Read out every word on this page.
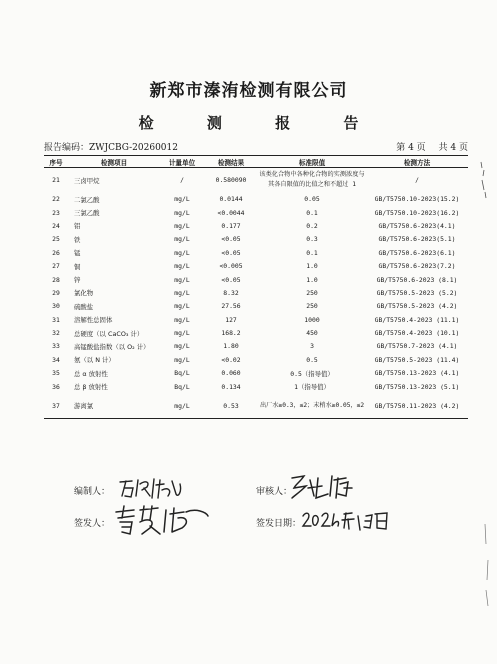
新郑市溱洧检测有限公司
检 测 报 告
报告编码：ZWJCBG-20260012	第 4 页 共 4 页
序号	检测项目	计量单位	检测结果	标准限值	检测方法
21	三卤甲烷	/	0.580090	该类化合物中各种化合物的实测浓度与其各自限值的比值之和不超过 1	/
22	二氯乙酸	mg/L	0.0144	0.05	GB/T5750.10-2023(15.2)
23	三氯乙酸	mg/L	<0.0044	0.1	GB/T5750.10-2023(16.2)
24	铝	mg/L	0.177	0.2	GB/T5750.6-2023(4.1)
25	铁	mg/L	<0.05	0.3	GB/T5750.6-2023(5.1)
26	锰	mg/L	<0.05	0.1	GB/T5750.6-2023(6.1)
27	铜	mg/L	<0.005	1.0	GB/T5750.6-2023(7.2)
28	锌	mg/L	<0.05	1.0	GB/T5750.6-2023 (8.1)
29	氯化物	mg/L	8.32	250	GB/T5750.5-2023 (5.2)
30	硫酸盐	mg/L	27.56	250	GB/T5750.5-2023 (4.2)
31	溶解性总固体	mg/L	127	1000	GB/T5750.4-2023 (11.1)
32	总硬度（以 CaCO₃ 计）	mg/L	168.2	450	GB/T5750.4-2023 (10.1)
33	高锰酸盐指数（以 O₂ 计）	mg/L	1.80	3	GB/T5750.7-2023 (4.1)
34	氨（以 N 计）	mg/L	<0.02	0.5	GB/T5750.5-2023 (11.4)
35	总 α 放射性	Bq/L	0.060	0.5（指导值）	GB/T5750.13-2023 (4.1)
36	总 β 放射性	Bq/L	0.134	1（指导值）	GB/T5750.13-2023 (5.1)
37	游离氯	mg/L	0.53	出厂水≥0.3，≤2；末梢水≥0.05，≤2	GB/T5750.11-2023 (4.2)
编制人：	审核人：
签发人：	签发日期：
